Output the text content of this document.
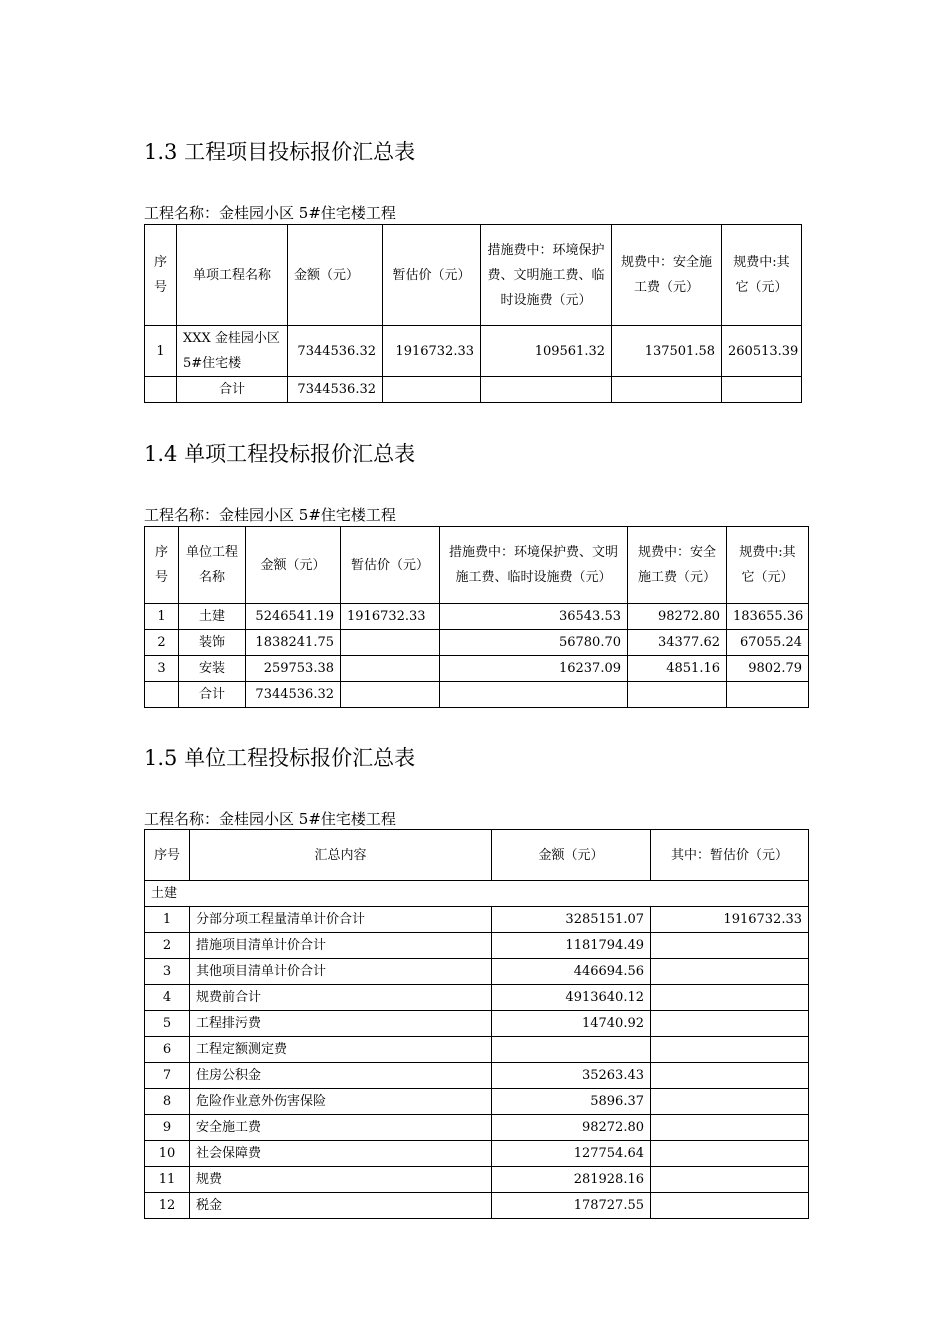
1.3 工程项目投标报价汇总表
工程名称：金桂园小区 5#住宅楼工程
序号	单项工程名称	金额（元）	暂估价（元）	措施费中：环境保护费、文明施工费、临时设施费（元）	规费中：安全施工费（元）	规费中:其它（元）
1	XXX 金桂园小区 5#住宅楼	7344536.32	1916732.33	109561.32	137501.58	260513.39
	合计	7344536.32				
1.4 单项工程投标报价汇总表
工程名称：金桂园小区 5#住宅楼工程
序号	单位工程名称	金额（元）	暂估价（元）	措施费中：环境保护费、文明施工费、临时设施费（元）	规费中：安全施工费（元）	规费中:其它（元）
1	土建	5246541.19	1916732.33	36543.53	98272.80	183655.36
2	装饰	1838241.75		56780.70	34377.62	67055.24
3	安装	259753.38		16237.09	4851.16	9802.79
	合计	7344536.32				
1.5 单位工程投标报价汇总表
工程名称：金桂园小区 5#住宅楼工程
序号	汇总内容	金额（元）	其中：暂估价（元）
土建			
1	分部分项工程量清单计价合计	3285151.07	1916732.33
2	措施项目清单计价合计	1181794.49	
3	其他项目清单计价合计	446694.56	
4	规费前合计	4913640.12	
5	工程排污费	14740.92	
6	工程定额测定费		
7	住房公积金	35263.43	
8	危险作业意外伤害保险	5896.37	
9	安全施工费	98272.80	
10	社会保障费	127754.64	
11	规费	281928.16	
12	税金	178727.55	
